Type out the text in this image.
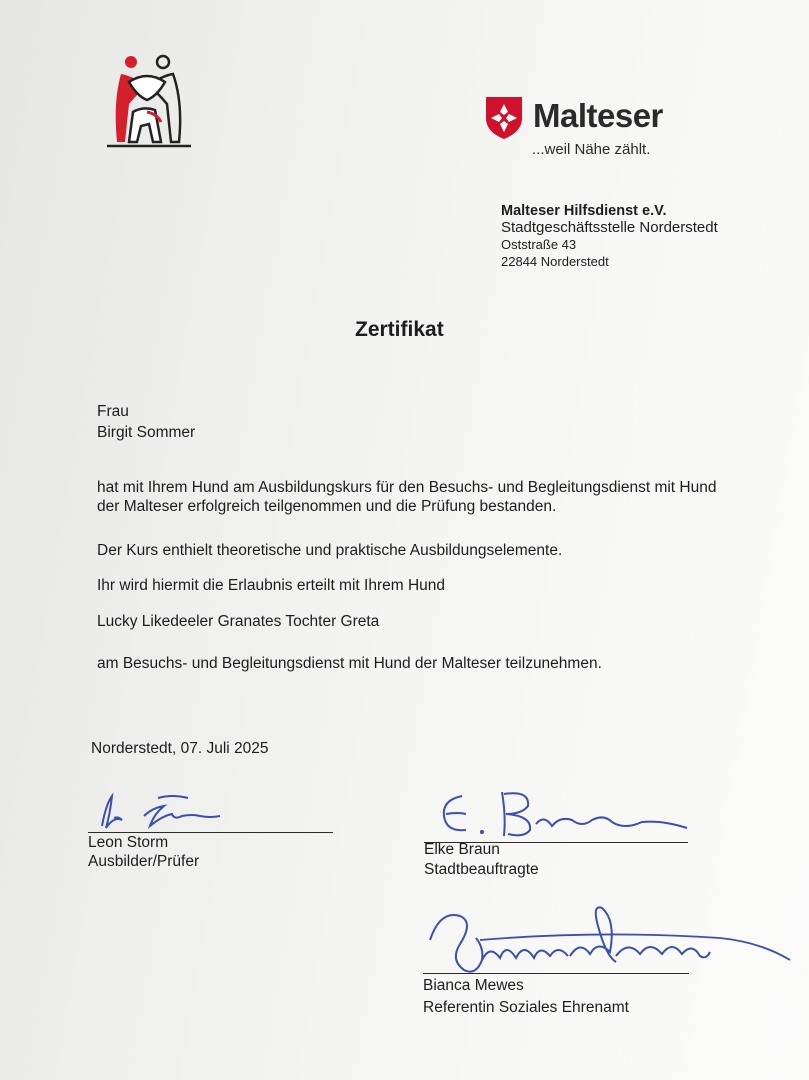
Malteser
...weil Nähe zählt.
Malteser Hilfsdienst e.V.
Stadtgeschäftsstelle Norderstedt
Oststraße 43
22844 Norderstedt
Zertifikat
Frau
Birgit Sommer
hat mit Ihrem Hund am Ausbildungskurs für den Besuchs- und Begleitungsdienst mit Hund der Malteser erfolgreich teilgenommen und die Prüfung bestanden.
Der Kurs enthielt theoretische und praktische Ausbildungselemente.
Ihr wird hiermit die Erlaubnis erteilt mit Ihrem Hund
Lucky Likedeeler Granates Tochter Greta
am Besuchs- und Begleitungsdienst mit Hund der Malteser teilzunehmen.
Norderstedt, 07. Juli 2025
Leon Storm
Ausbilder/Prüfer
Elke Braun
Stadtbeauftragte
Bianca Mewes
Referentin Soziales Ehrenamt
